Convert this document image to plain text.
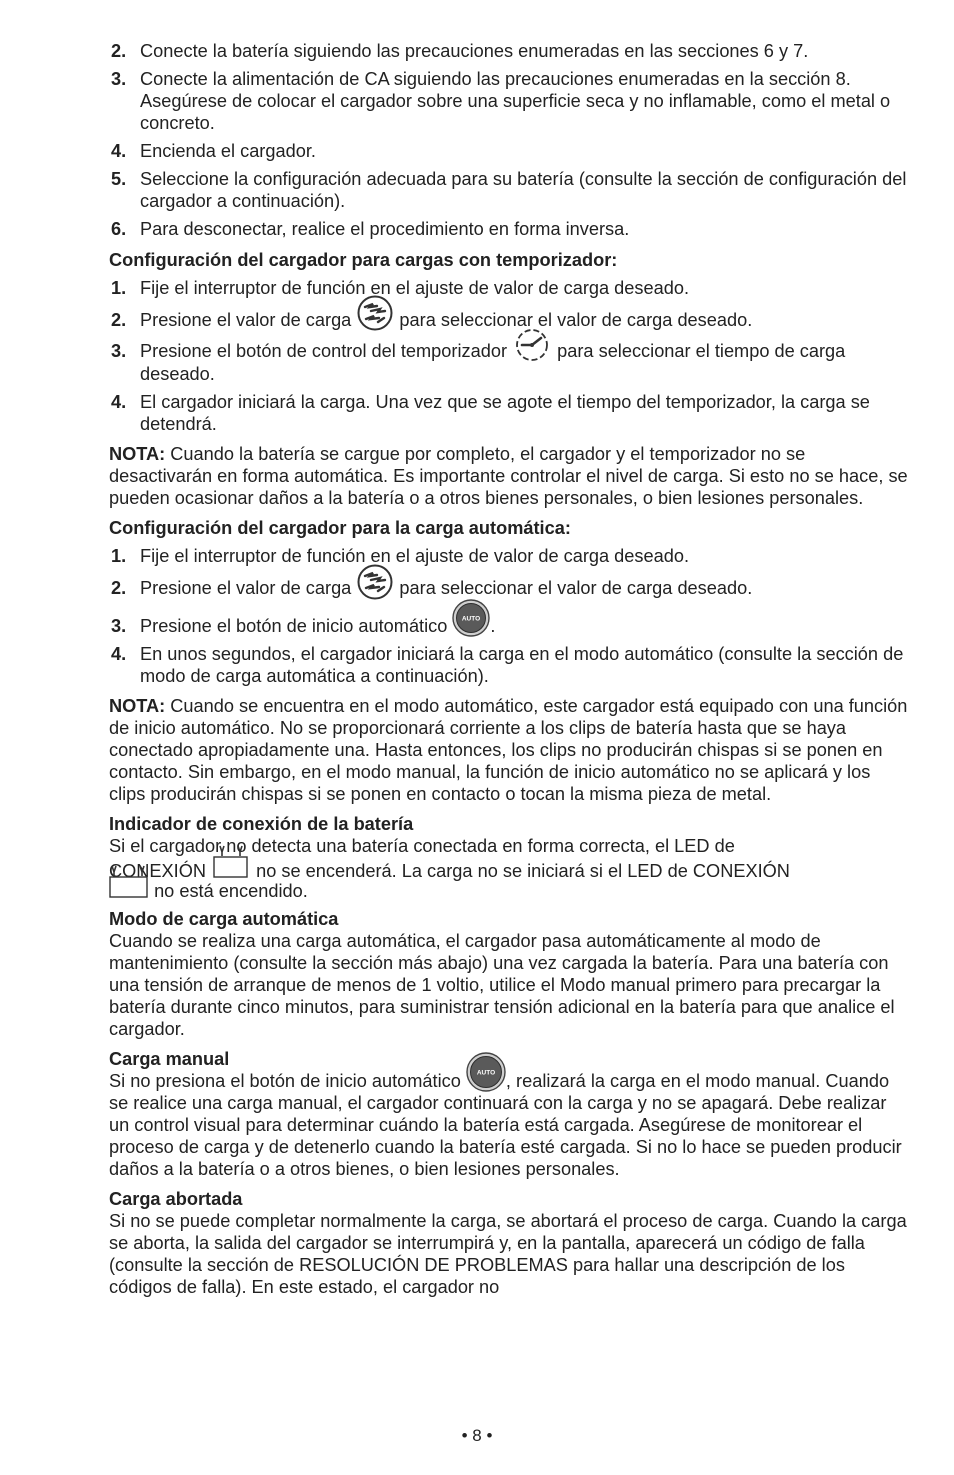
2. Conecte la batería siguiendo las precauciones enumeradas en las secciones 6 y 7.
3. Conecte la alimentación de CA siguiendo las precauciones enumeradas en la sección 8. Asegúrese de colocar el cargador sobre una superficie seca y no inflamable, como el metal o concreto.
4. Encienda el cargador.
5. Seleccione la configuración adecuada para su batería (consulte la sección de configuración del cargador a continuación).
6. Para desconectar, realice el procedimiento en forma inversa.

Configuración del cargador para cargas con temporizador:

1. Fije el interruptor de función en el ajuste de valor de carga deseado.
2. Presione el valor de carga	para seleccionar el valor de carga deseado.
3. Presione el botón de control del temporizador	para seleccionar el tiempo de carga deseado.
4. El cargador iniciará la carga. Una vez que se agote el tiempo del temporizador, la carga se detendrá.

NOTA: Cuando la batería se cargue por completo, el cargador y el temporizador no se desactivarán en forma automática. Es importante controlar el nivel de carga. Si esto no se hace, se pueden ocasionar daños a la batería o a otros bienes personales, o bien lesiones personales.

Configuración del cargador para la carga automática:

1. Fije el interruptor de función en el ajuste de valor de carga deseado.
2. Presione el valor de carga	para seleccionar el valor de carga deseado.
3. Presione el botón de inicio automático AUTO .
4. En unos segundos, el cargador iniciará la carga en el modo automático (consulte la sección de modo de carga automática a continuación).

NOTA: Cuando se encuentra en el modo automático, este cargador está equipado con una función de inicio automático. No se proporcionará corriente a los clips de batería hasta que se haya conectado apropiadamente una. Hasta entonces, los clips no producirán chispas si se ponen en contacto. Sin embargo, en el modo manual, la función de inicio automático no se aplicará y los clips producirán chispas si se ponen en contacto o tocan la misma pieza de metal.

Indicador de conexión de la batería

Si el cargador no detecta una batería conectada en forma correcta, el LED de

CONEXIÓN	no se encenderá. La carga no se iniciará si el LED de CONEXIÓN

no está encendido.

Modo de carga automática

Cuando se realiza una carga automática, el cargador pasa automáticamente al modo de mantenimiento (consulte la sección más abajo) una vez cargada la batería. Para una batería con una tensión de arranque de menos de 1 voltio, utilice el Modo manual primero para precargar la batería durante cinco minutos, para suministrar tensión adicional en la batería para que analice el cargador.

Carga manual

Si no presiona el botón de inicio automático AUTO , realizará la carga en el modo manual. Cuando se realice una carga manual, el cargador continuará con la carga y no se apagará. Debe realizar un control visual para determinar cuándo la batería está cargada. Asegúrese de monitorear el proceso de carga y de detenerlo cuando la batería esté cargada. Si no lo hace se pueden producir daños a la batería o a otros bienes, o bien lesiones personales.

Carga abortada

Si no se puede completar normalmente la carga, se abortará el proceso de carga. Cuando la carga se aborta, la salida del cargador se interrumpirá y, en la pantalla, aparecerá un código de falla (consulte la sección de RESOLUCIÓN DE PROBLEMAS para hallar una descripción de los códigos de falla). En este estado, el cargador no

• 8 •
